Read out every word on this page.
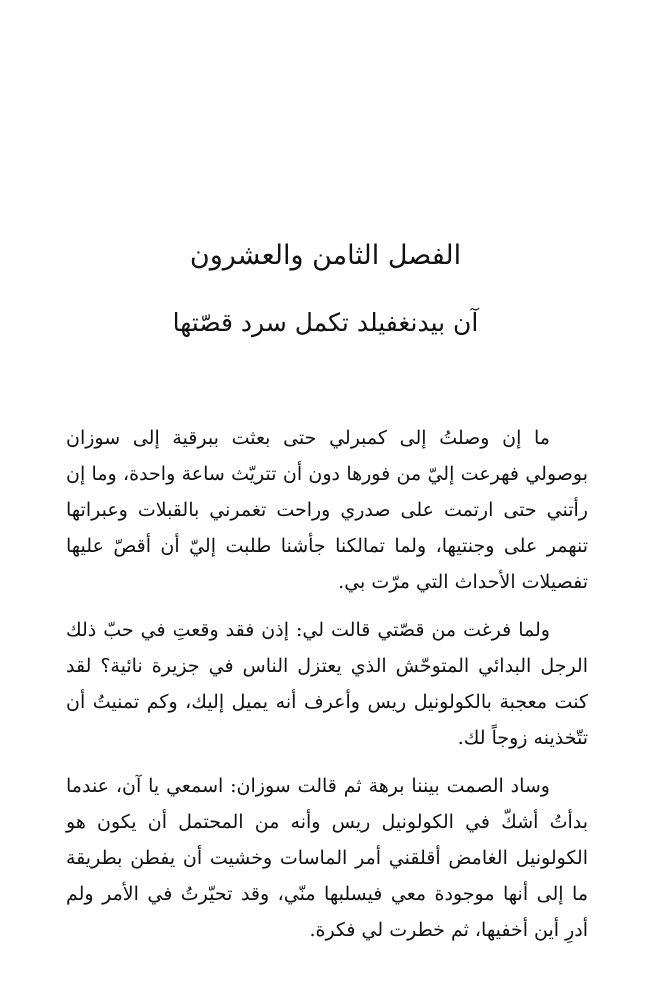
الفصل الثامن والعشرون
آن بيدنغفيلد تكمل سرد قصّتها

ما إن وصلتُ إلى كمبرلي حتى بعثت ببرقية إلى سوزان بوصولي فهرعت إليّ من فورها دون أن تتريّث ساعة واحدة، وما إن رأتني حتى ارتمت على صدري وراحت تغمرني بالقبلات وعبراتها تنهمر على وجنتيها، ولما تمالكنا جأشنا طلبت إليّ أن أقصّ عليها تفصيلات الأحداث التي مرّت بي.

ولما فرغت من قصّتي قالت لي: إذن فقد وقعتِ في حبّ ذلك الرجل البدائي المتوحّش الذي يعتزل الناس في جزيرة نائية؟ لقد كنت معجبة بالكولونيل ريس وأعرف أنه يميل إليك، وكم تمنيتُ أن تتّخذينه زوجاً لك.

وساد الصمت بيننا برهة ثم قالت سوزان: اسمعي يا آن، عندما بدأتُ أشكّ في الكولونيل ريس وأنه من المحتمل أن يكون هو الكولونيل الغامض أقلقني أمر الماسات وخشيت أن يفطن بطريقة ما إلى أنها موجودة معي فيسلبها منّي، وقد تحيّرتُ في الأمر ولم أدرِ أين أخفيها، ثم خطرت لي فكرة.
